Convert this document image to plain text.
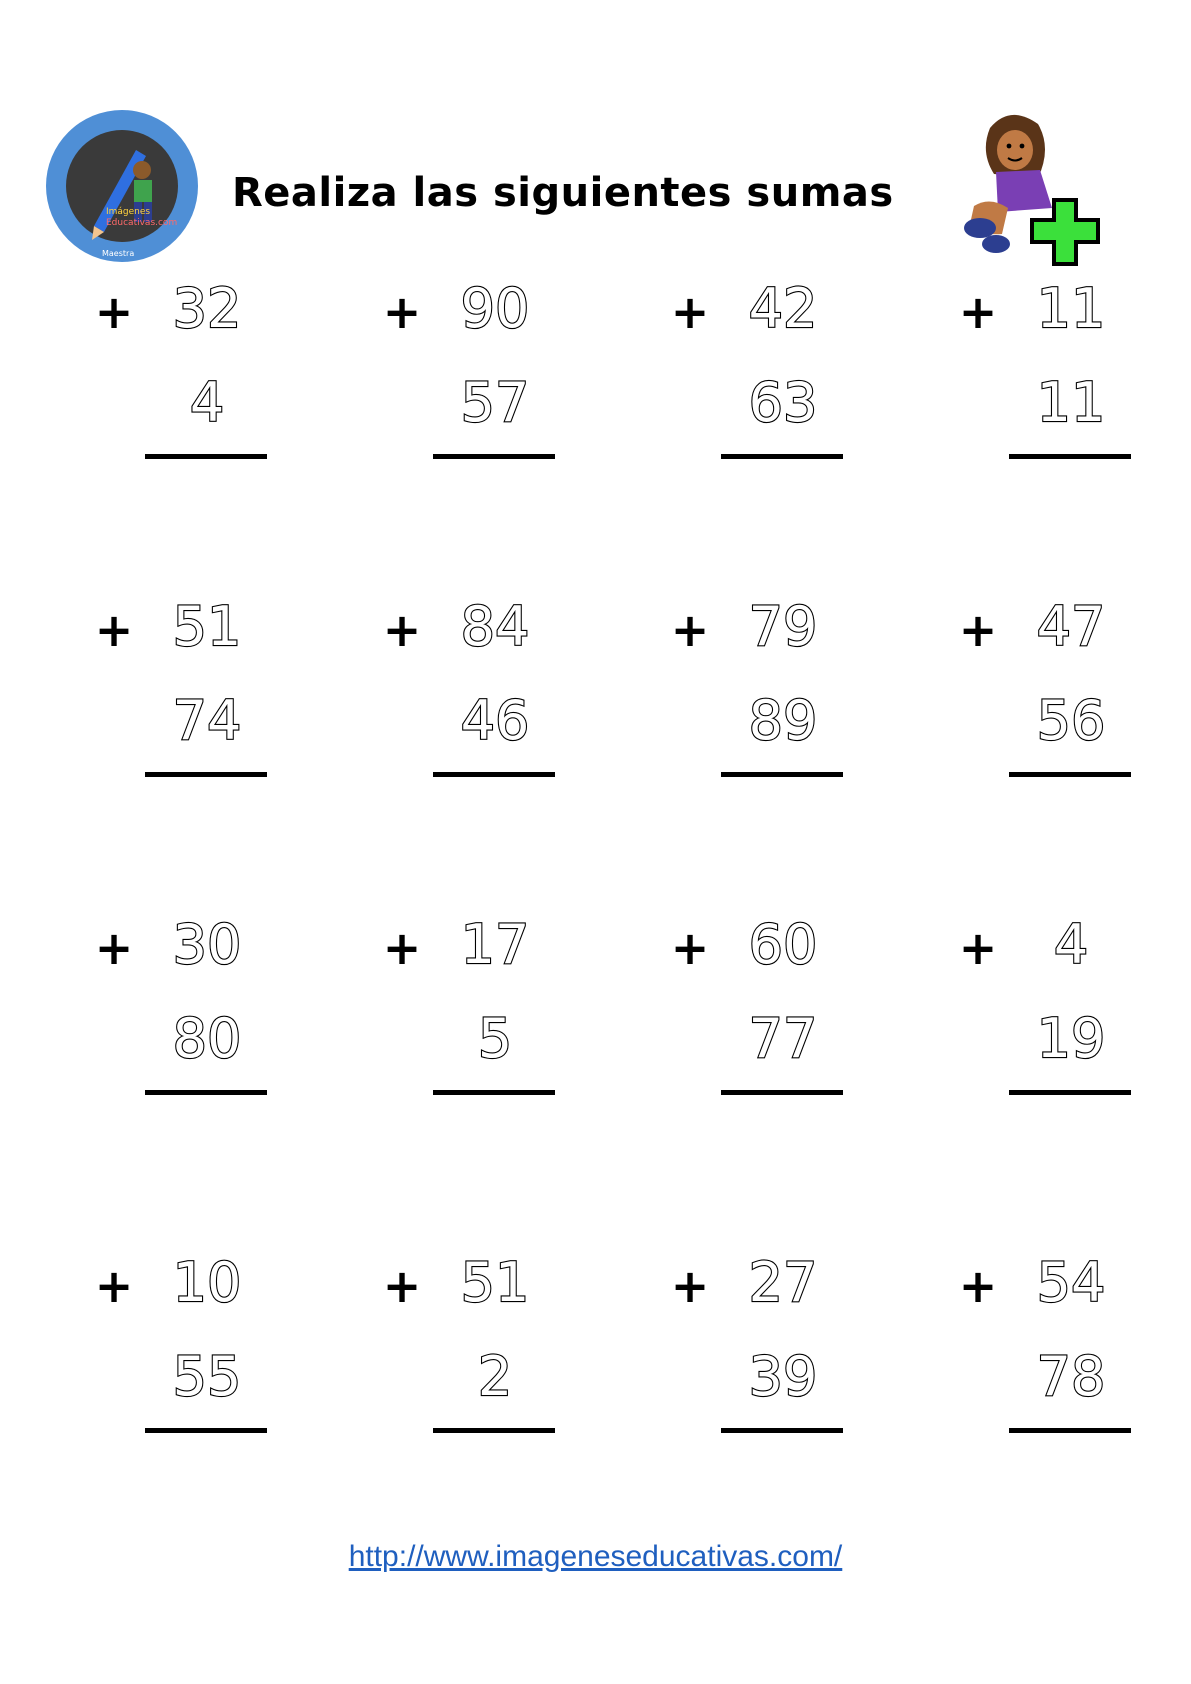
Imágenes
Educativas.com
Maestra
Realiza las siguientes sumas
+ 32
4
+ 90
57
+ 42
63
+ 11
11
+ 51
74
+ 84
46
+ 79
89
+ 47
56
+ 30
80
+ 17
5
+ 60
77
+	4
19
+ 10
55
+ 51
2
+ 27
39
+ 54
78
http://www.imageneseducativas.com/
